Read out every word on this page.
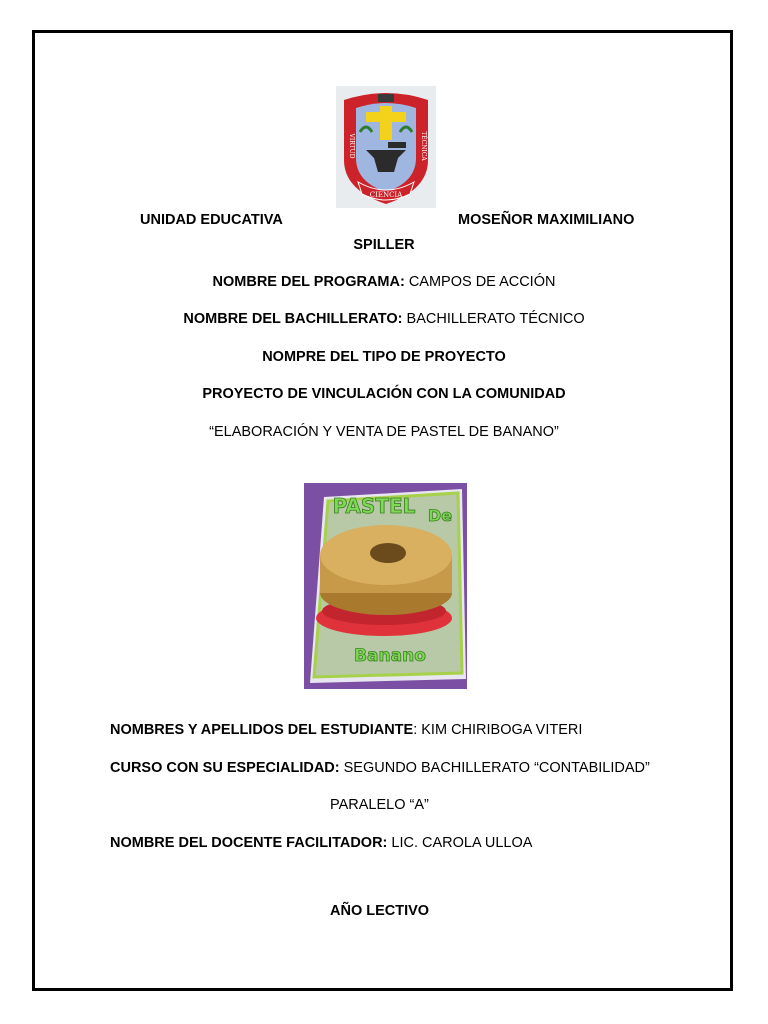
CIENCIA
VIRTUD	TÉCNICA
UNIDAD EDUCATIVA	MOSEÑOR MAXIMILIANO
SPILLER
NOMBRE DEL PROGRAMA: CAMPOS DE ACCIÓN
NOMBRE DEL BACHILLERATO: BACHILLERATO TÉCNICO
NOMPRE DEL TIPO DE PROYECTO
PROYECTO DE VINCULACIÓN CON LA COMUNIDAD
“ELABORACIÓN Y VENTA DE PASTEL DE BANANO”
PASTEL De
Banano
NOMBRES Y APELLIDOS DEL ESTUDIANTE: KIM CHIRIBOGA VITERI
CURSO CON SU ESPECIALIDAD: SEGUNDO BACHILLERATO “CONTABILIDAD”
PARALELO “A”
NOMBRE DEL DOCENTE FACILITADOR: LIC. CAROLA ULLOA
AÑO LECTIVO
